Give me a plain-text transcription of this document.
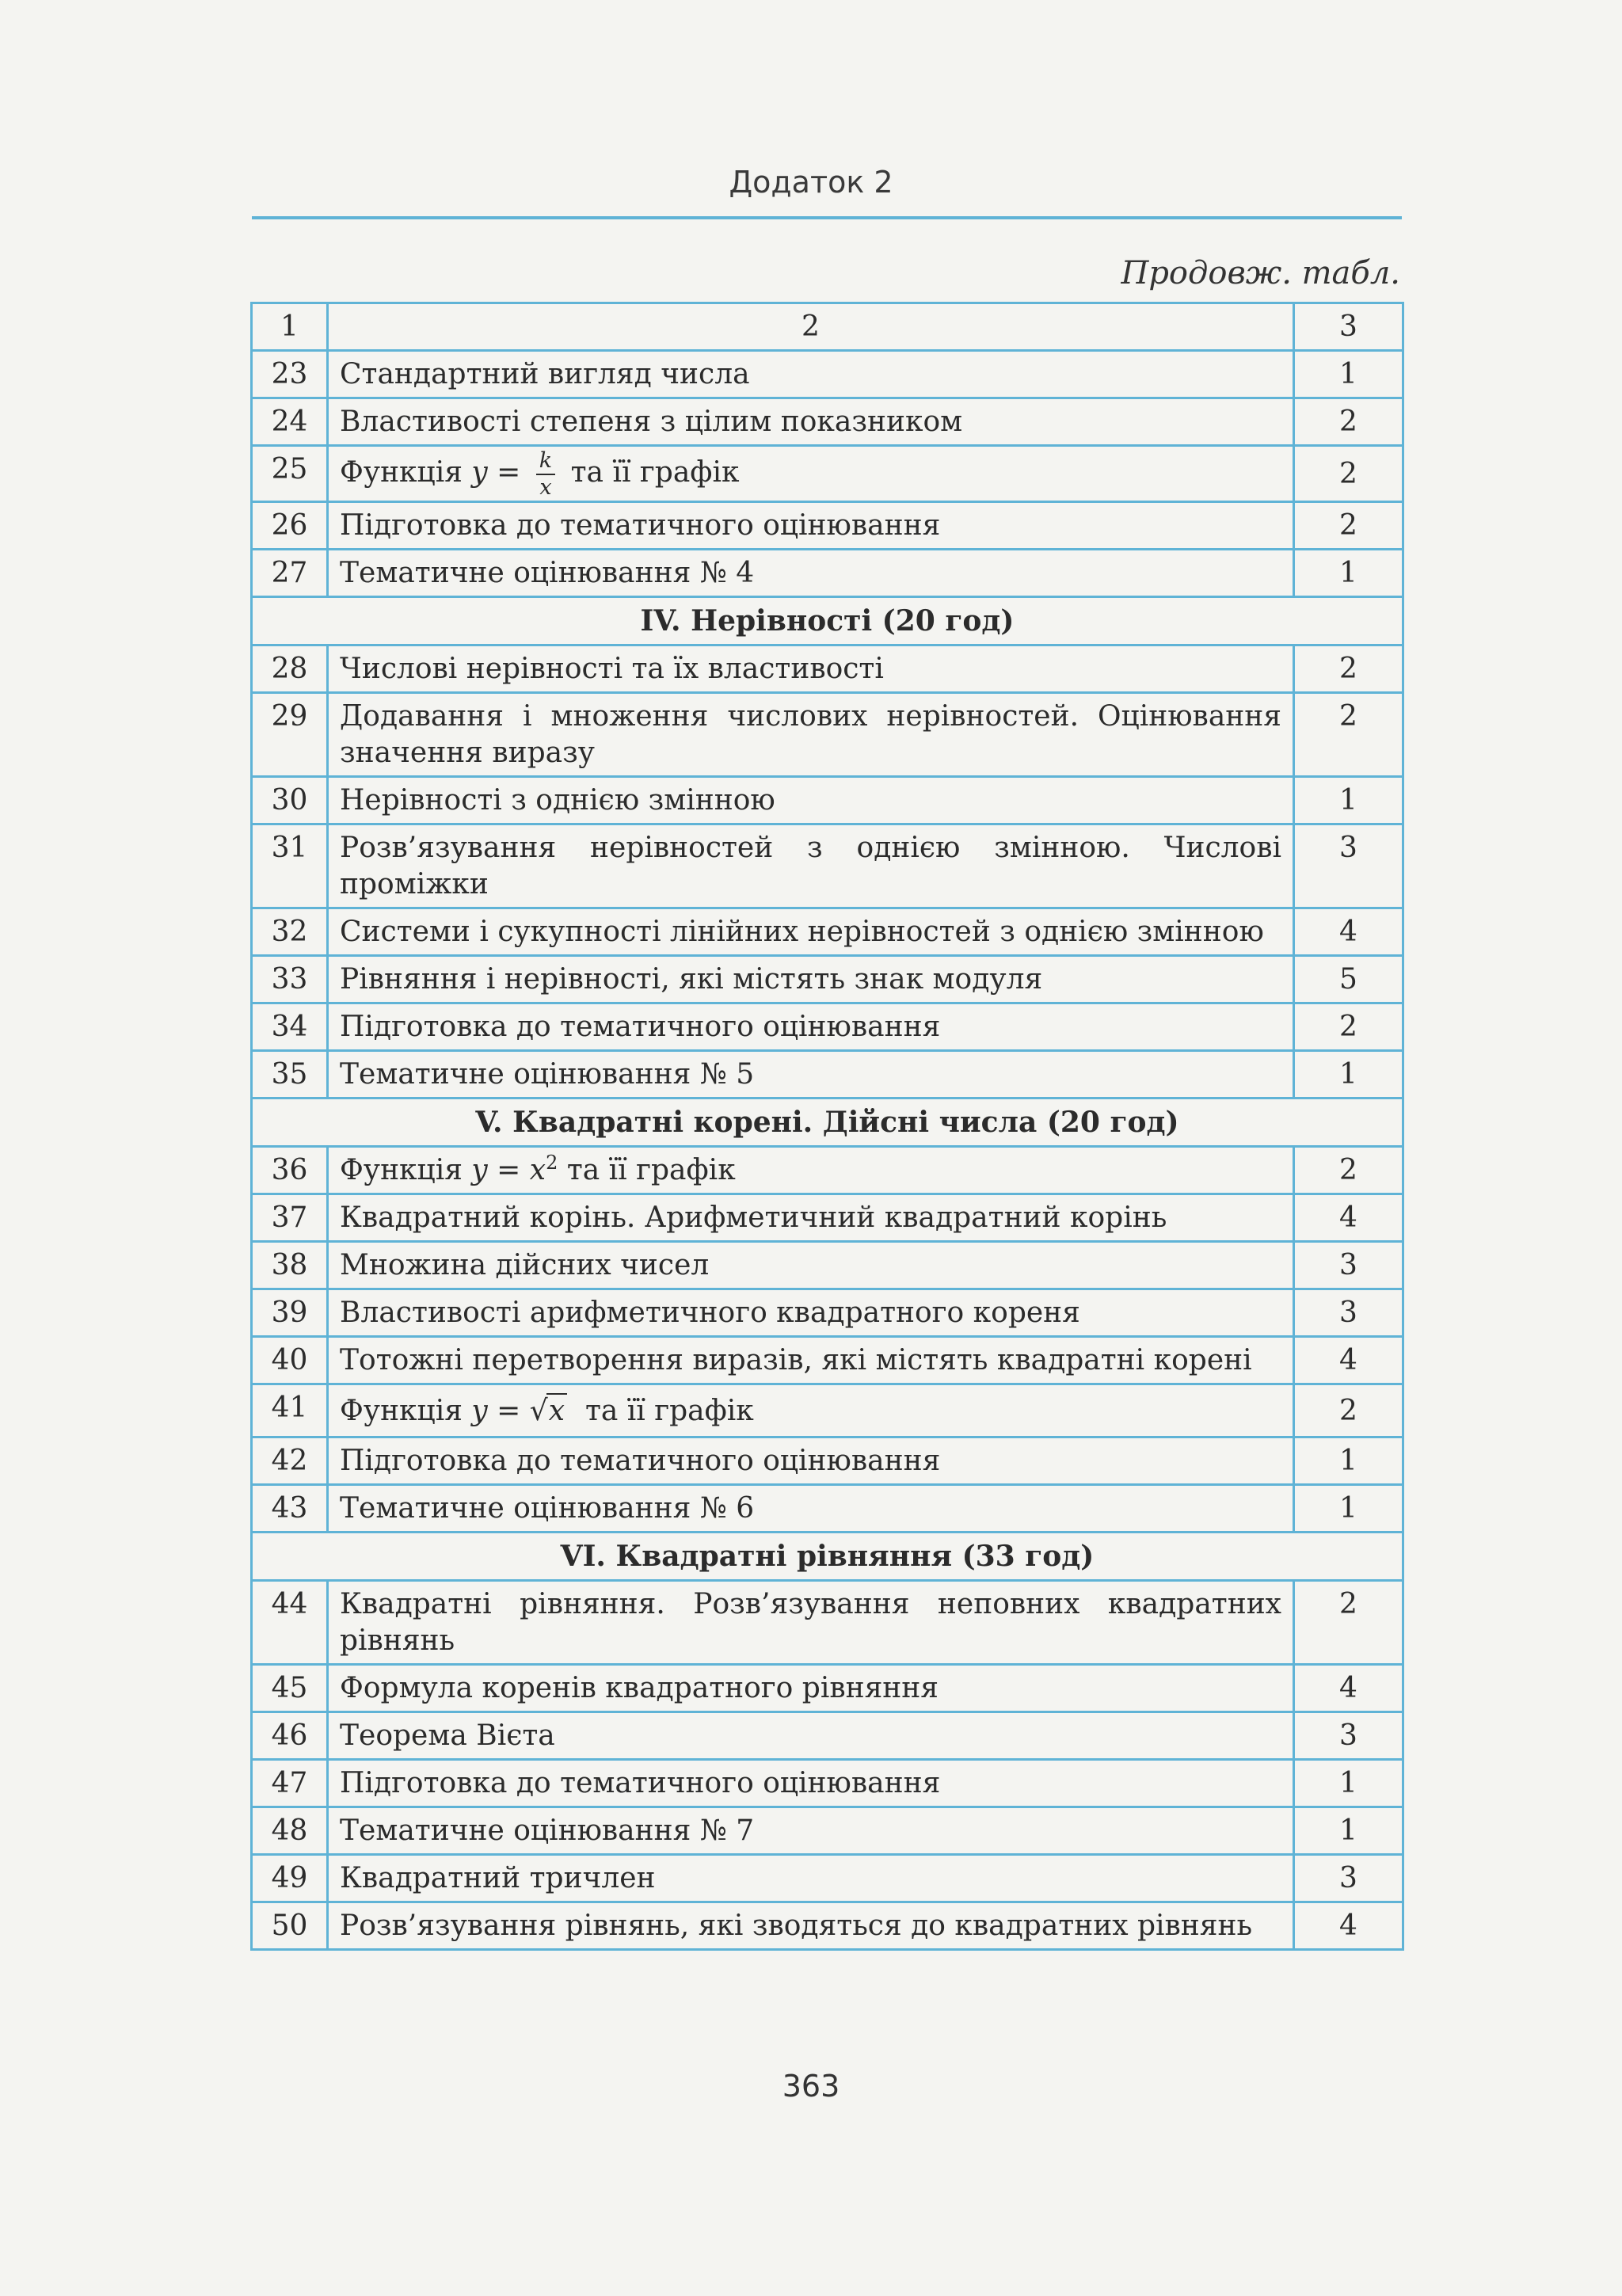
Додаток 2
Продовж. табл.
1	2	3
23	Стандартний вигляд числа	1
24	Властивості степеня з цілим показником	2
25	Функція $y = \frac{k}{x}$ та її графік	2
26	Підготовка до тематичного оцінювання	2
27	Тематичне оцінювання № 4	1
IV. Нерівності (20 год)		
28	Числові нерівності та їх властивості	2
29	Додавання і множення числових нерівностей. Оцінювання значення виразу	2
30	Нерівності з однією змінною	1
31	Розв’язування нерівностей з однією змінною. Числові проміжки	3
32	Системи і сукупності лінійних нерівностей з однією змінною	4
33	Рівняння і нерівності, які містять знак модуля	5
34	Підготовка до тематичного оцінювання	2
35	Тематичне оцінювання № 5	1
V. Квадратні корені. Дійсні числа (20 год)		
36	Функція $y = x^2$ та її графік	2
37	Квадратний корінь. Арифметичний квадратний корінь	4
38	Множина дійсних чисел	3
39	Властивості арифметичного квадратного кореня	3
40	Тотожні перетворення виразів, які містять квадратні корені	4
41	Функція y = √x та її графік	2
42	Підготовка до тематичного оцінювання	1
43	Тематичне оцінювання № 6	1
VI. Квадратні рівняння (33 год)		
44	Квадратні рівняння. Розв’язування неповних квадратних рівнянь	2
45	Формула коренів квадратного рівняння	4
46	Теорема Вієта	3
47	Підготовка до тематичного оцінювання	1
48	Тематичне оцінювання № 7	1
49	Квадратний тричлен	3
50	Розв’язування рівнянь, які зводяться до квадратних рівнянь	4
363
